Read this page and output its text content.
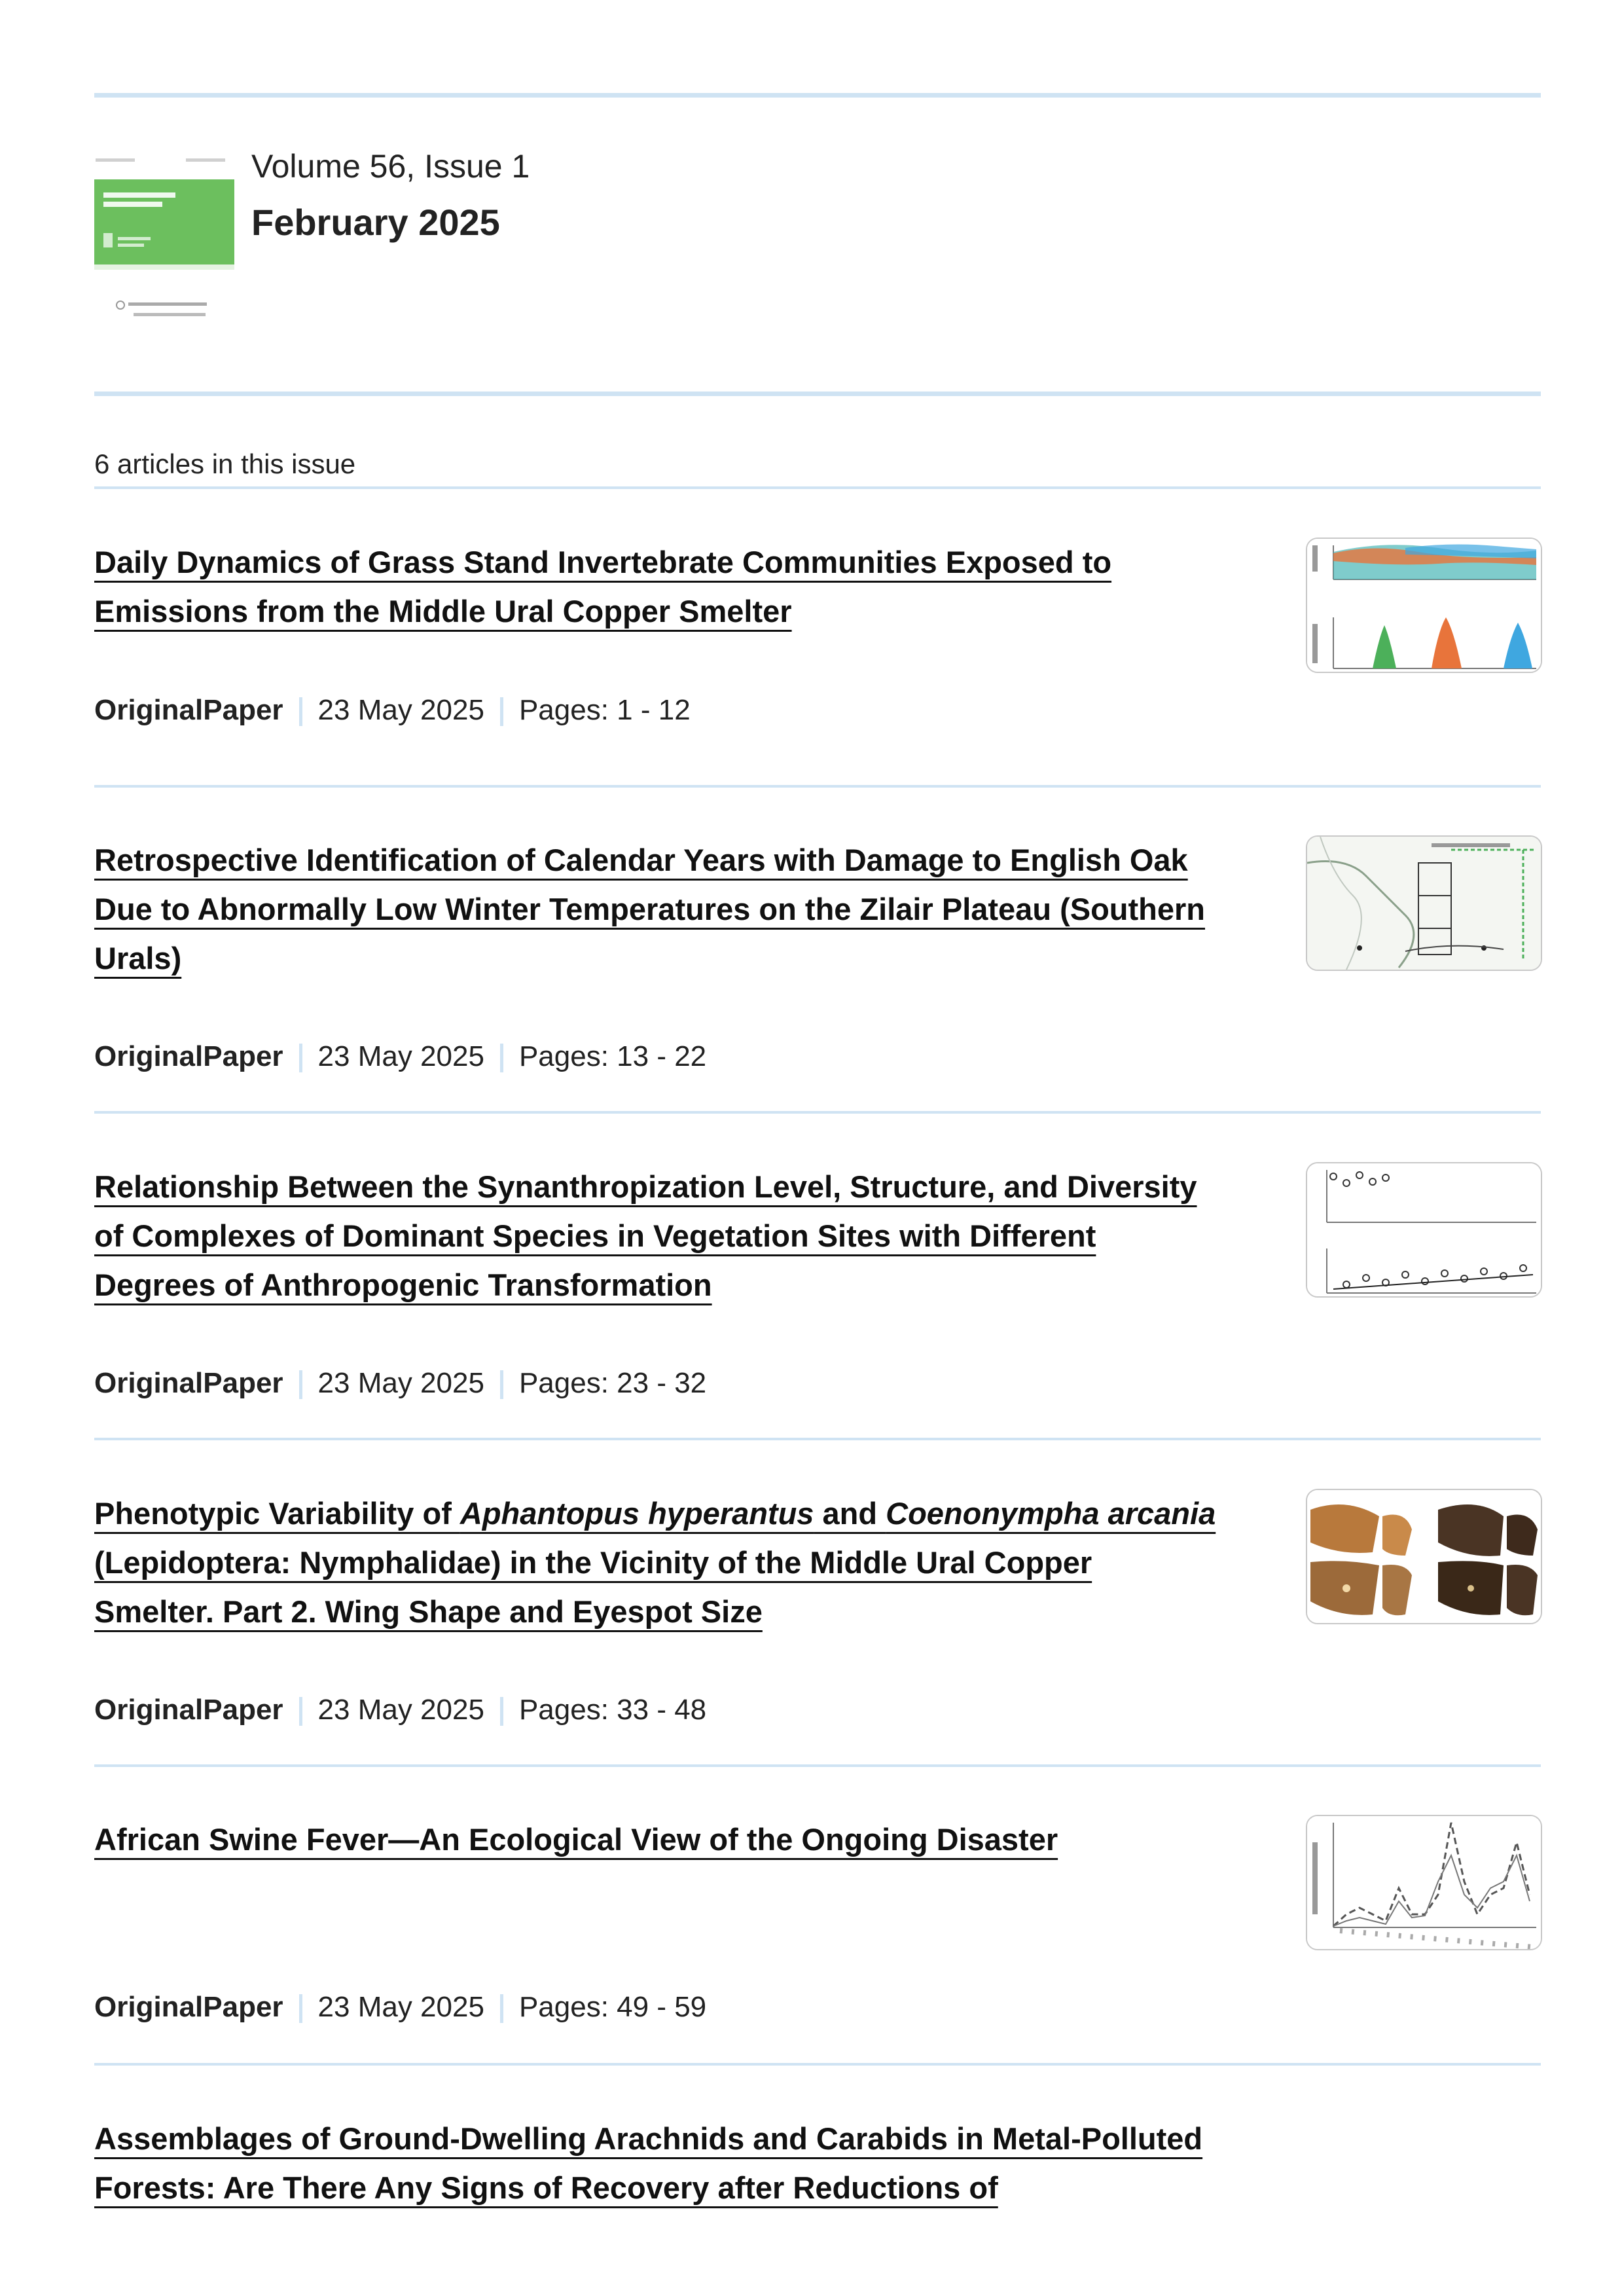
Volume 56, Issue 1
February 2025
6 articles in this issue
Daily Dynamics of Grass Stand Invertebrate Communities Exposed to Emissions from the Middle Ural Copper Smelter
OriginalPaper 23 May 2025 Pages: 1 - 12
Retrospective Identification of Calendar Years with Damage to English Oak Due to Abnormally Low Winter Temperatures on the Zilair Plateau (Southern Urals)
OriginalPaper 23 May 2025 Pages: 13 - 22
Relationship Between the Synanthropization Level, Structure, and Diversity of Complexes of Dominant Species in Vegetation Sites with Different Degrees of Anthropogenic Transformation
OriginalPaper 23 May 2025 Pages: 23 - 32
Phenotypic Variability of Aphantopus hyperantus and Coenonympha arcania (Lepidoptera: Nymphalidae) in the Vicinity of the Middle Ural Copper Smelter. Part 2. Wing Shape and Eyespot Size
OriginalPaper 23 May 2025 Pages: 33 - 48
African Swine Fever—An Ecological View of the Ongoing Disaster
OriginalPaper 23 May 2025 Pages: 49 - 59
Assemblages of Ground-Dwelling Arachnids and Carabids in Metal-Polluted Forests: Are There Any Signs of Recovery after Reductions of
